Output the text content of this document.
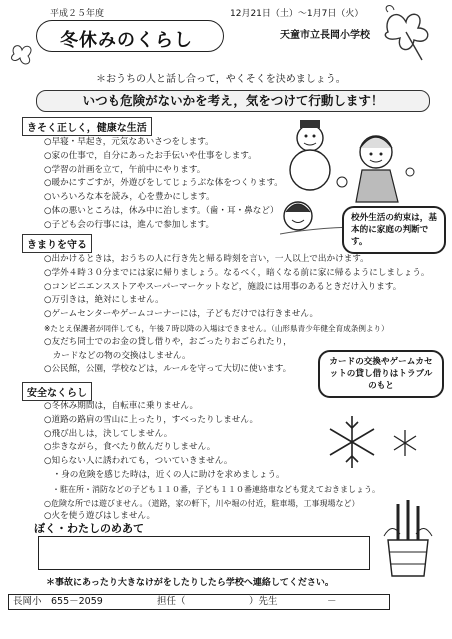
平成２５年度	12月21日（土）～1月7日（火）
冬休みのくらし	天童市立長岡小学校
＊おうちの人と話し合って，やくそくを決めましょう。
いつも危険がないかを考え，気をつけて行動します！
きそく正しく，健康な生活
○早寝・早起き，元気なあいさつをします。
○家の仕事で，自分にあったお手伝いや仕事をします。
○学習の計画を立て，午前中にやります。
○暖かにすごすが，外遊びをしてじょうぶな体をつくります。
○いろいろな本を読み，心を豊かにします。
○体の悪いところは，休み中に治します。（歯・耳・鼻など）
○子ども会の行事には，進んで参加します。
校外生活の約束は，基本的に家庭の判断です。
きまりを守る
○出かけるときは，おうちの人に行き先と帰る時刻を言い，一人以上で出かけます。
○学外４時３０分までには家に帰りましょう。なるべく，暗くなる前に家に帰るようにしましょう。
○コンビニエンスストアやスーパーマーケットなど，施設には用事のあるときだけ入ります。
○万引きは，絶対にしません。
○ゲームセンターやゲームコーナーには，子どもだけでは行きません。
※たとえ保護者が同伴しても，午後７時以降の入場はできません。（山形県青少年健全育成条例より）
○友だち同士でのお金の貸し借りや，おごったりおごられたり，
　カードなどの物の交換はしません。
○公民館，公園，学校などは，ルールを守って大切に使います。
カードの交換やゲームカセットの貸し借りはトラブルのもと
安全なくらし
○冬休み期間は，自転車に乗りません。
○道路の路肩の雪山に上ったり，すべったりしません。
○飛び出しは，決してしません。
○歩きながら，食べたり飲んだりしません。
○知らない人に誘われても，ついていきません。
　・身の危険を感じた時は，近くの人に助けを求めましょう。
　・駐在所・消防などの子ども１１０番，子ども１１０番連絡車なども覚えておきましょう。
○危険な所では遊びません。（道路，家の軒下，川や堀の付近，駐車場，工事現場など）
○火を使う遊びはしません。
ぼく・わたしのめあて
＊事故にあったり大きなけがをしたりしたら学校へ連絡してください。
長岡小　655－2059	担任（	）先生	－
